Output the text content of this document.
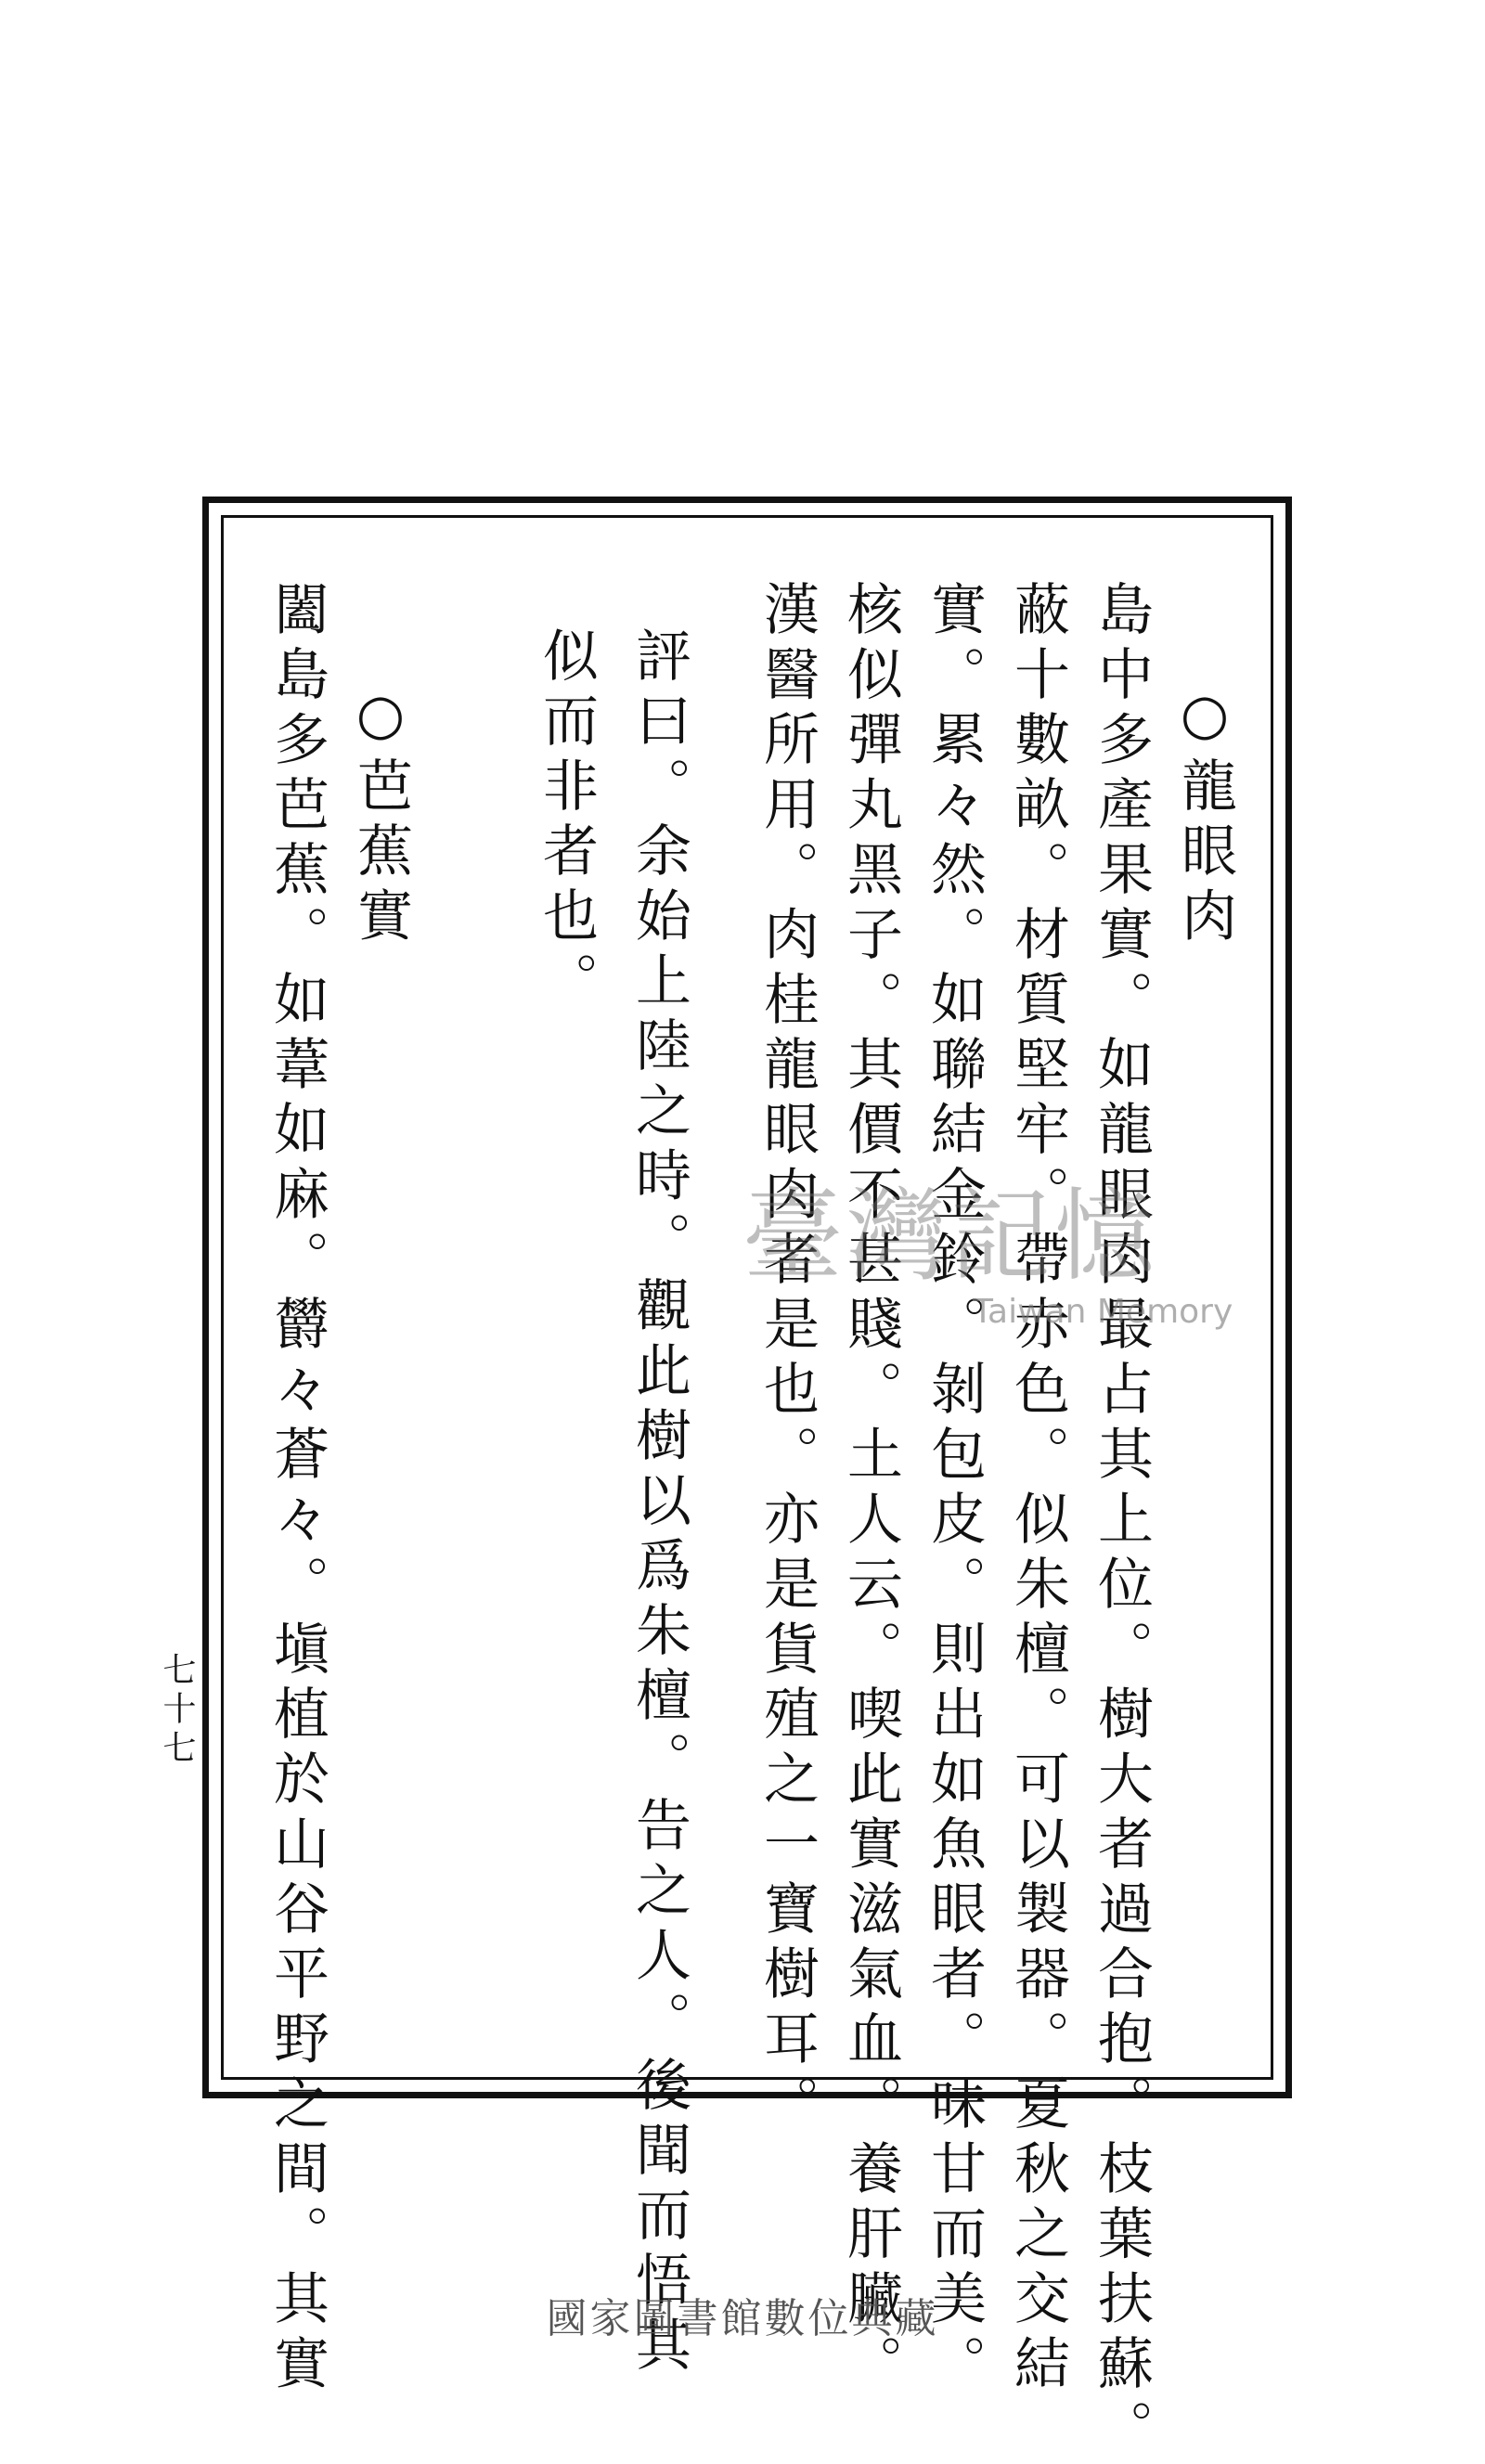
○龍眼肉
島中多產果實。如龍眼肉最占其上位。樹大者過合抱。枝葉扶蘇。
蔽十數畝。材質堅牢。帶赤色。似朱檀。可以製器。夏秋之交結
實。累々然。如聯結金鈴。剝包皮。則出如魚眼者。味甘而美。
核似彈丸黑子。其價不甚賤。土人云。喫此實滋氣血。養肝臟。
漢醫所用。肉桂龍眼肉者是也。亦是貨殖之一寶樹耳。
評曰。余始上陸之時。觀此樹以爲朱檀。告之人。後聞而悟其
似而非者也。
○芭蕉實
闔島多芭蕉。如葦如麻。欝々蒼々。塡植於山谷平野之間。其實
七十七
臺灣記憶
Taiwan Memory
國家圖書館數位典藏
